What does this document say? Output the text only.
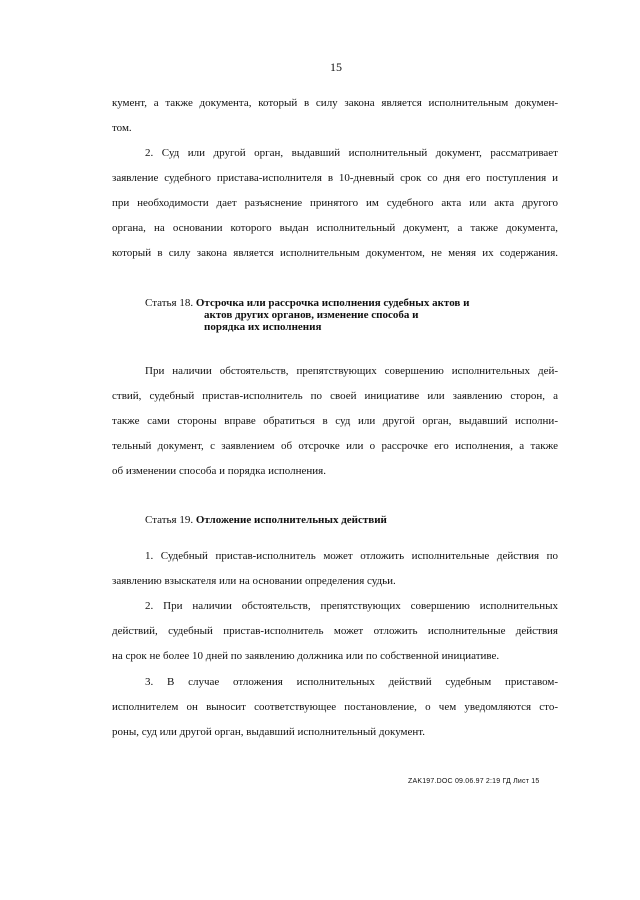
15
кумент, а также документа, который в силу закона является исполнительным докумен-
том.
2. Суд или другой орган, выдавший исполнительный документ, рассматривает
заявление судебного пристава-исполнителя в 10-дневный срок со дня его поступления и
при необходимости дает разъяснение принятого им судебного акта или акта другого
органа, на основании которого выдан исполнительный документ, а также документа,
который в силу закона является исполнительным документом, не меняя их содержания.
Статья 18. Отсрочка или рассрочка исполнения судебных актов и
актов других органов, изменение способа и
порядка их исполнения
При наличии обстоятельств, препятствующих совершению исполнительных дей-
ствий, судебный пристав-исполнитель по своей инициативе или заявлению сторон, а
также сами стороны вправе обратиться в суд или другой орган, выдавший исполни-
тельный документ, с заявлением об отсрочке или о рассрочке его исполнения, а также
об изменении способа и порядка исполнения.
Статья 19. Отложение исполнительных действий
1. Судебный пристав-исполнитель может отложить исполнительные действия по
заявлению взыскателя или на основании определения судьи.
2. При наличии обстоятельств, препятствующих совершению исполнительных
действий, судебный пристав-исполнитель может отложить исполнительные действия
на срок не более 10 дней по заявлению должника или по собственной инициативе.
3. В случае отложения исполнительных действий судебным приставом-
исполнителем он выносит соответствующее постановление, о чем уведомляются сто-
роны, суд или другой орган, выдавший исполнительный документ.
ZAK197.DOC 09.06.97 2:19 ГД Лист 15
